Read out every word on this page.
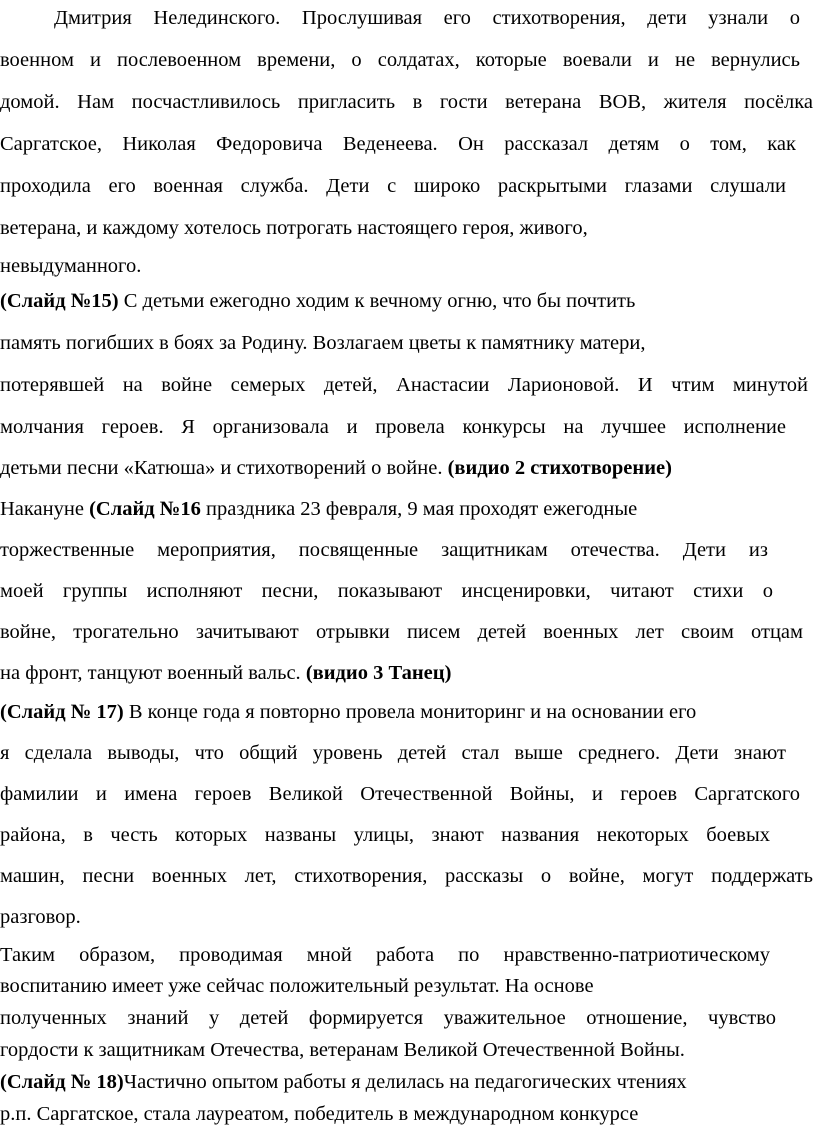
Дмитрия Нелединского. Прослушивая его стихотворения, дети узнали о
военном и послевоенном времени, о солдатах, которые воевали и не вернулись
домой. Нам посчастливилось пригласить в гости ветерана ВОВ, жителя посёлка
Саргатское, Николая Федоровича Веденеева. Он рассказал детям о том, как
проходила его военная служба. Дети с широко раскрытыми глазами слушали
ветерана, и каждому хотелось потрогать настоящего героя, живого,
невыдуманного.
(Слайд №15) С детьми ежегодно ходим к вечному огню, что бы почтить
память погибших в боях за Родину. Возлагаем цветы к памятнику матери,
потерявшей на войне семерых детей, Анастасии Ларионовой. И чтим минутой
молчания героев. Я организовала и провела конкурсы на лучшее исполнение
детьми песни «Катюша» и стихотворений о войне. (видио 2 стихотворение)
Накануне (Слайд №16 праздника 23 февраля, 9 мая проходят ежегодные
торжественные мероприятия, посвященные защитникам отечества. Дети из
моей группы исполняют песни, показывают инсценировки, читают стихи о
войне, трогательно зачитывают отрывки писем детей военных лет своим отцам
на фронт, танцуют военный вальс. (видио 3 Танец)
(Слайд № 17) В конце года я повторно провела мониторинг и на основании его
я сделала выводы, что общий уровень детей стал выше среднего. Дети знают
фамилии и имена героев Великой Отечественной Войны, и героев Саргатского
района, в честь которых названы улицы, знают названия некоторых боевых
машин, песни военных лет, стихотворения, рассказы о войне, могут поддержать
разговор.
Таким образом, проводимая мной работа по нравственно-патриотическому
воспитанию имеет уже сейчас положительный результат. На основе
полученных знаний у детей формируется уважительное отношение, чувство
гордости к защитникам Отечества, ветеранам Великой Отечественной Войны.
(Слайд № 18)Частично опытом работы я делилась на педагогических чтениях
р.п. Саргатское, стала лауреатом, победитель в международном конкурсе
